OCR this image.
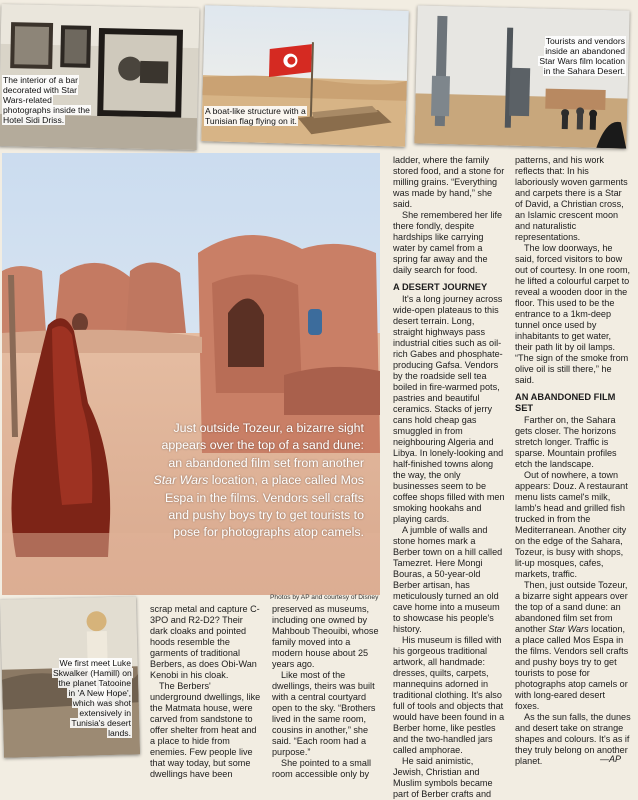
The interior of a bar decorated with Star Wars-related photographs inside the Hotel Sidi Driss.
A boat-like structure with a Tunisian flag flying on it.
Tourists and vendors inside an abandoned Star Wars film location in the Sahara Desert.
Just outside Tozeur, a bizarre sight appears over the top of a sand dune: an abandoned film set from another Star Wars location, a place called Mos Espa in the films. Vendors sell crafts and pushy boys try to get tourists to pose for photographs atop camels.
Photos by AP and courtesy of Disney
We first meet Luke Skwalker (Hamill) on the planet Tatooine in 'A New Hope', which was shot extensively in Tunisia's desert lands.

scrap metal and capture C-3PO and R2-D2? Their dark cloaks and pointed hoods resemble the garments of traditional Berbers, as does Obi-Wan Kenobi in his cloak.

The Berbers' underground dwellings, like the Matmata house, were carved from sandstone to offer shelter from heat and a place to hide from enemies. Few people live that way today, but some dwellings have been

preserved as museums, including one owned by Mahboub Theouibi, whose family moved into a modern house about 25 years ago.

Like most of the dwellings, theirs was built with a central courtyard open to the sky. “Brothers lived in the same room, cousins in another,” she said. “Each room had a purpose.”

She pointed to a small room accessible only by

ladder, where the family stored food, and a stone for milling grains. “Everything was made by hand,” she said.

She remembered her life there fondly, despite hardships like carrying water by camel from a spring far away and the daily search for food.

A DESERT JOURNEY

It's a long journey across wide-open plateaus to this desert terrain. Long, straight highways pass industrial cities such as oil-rich Gabes and phosphate-producing Gafsa. Vendors by the roadside sell tea boiled in fire-warmed pots, pastries and beautiful ceramics. Stacks of jerry cans hold cheap gas smuggled in from neighbouring Algeria and Libya. In lonely-looking and half-finished towns along the way, the only businesses seem to be coffee shops filled with men smoking hookahs and playing cards.

A jumble of walls and stone homes mark a Berber town on a hill called Tamezret. Here Mongi Bouras, a 50-year-old Berber artisan, has meticulously turned an old cave home into a museum to showcase his people's history.

His museum is filled with his gorgeous traditional artwork, all handmade: dresses, quilts, carpets, mannequins adorned in traditional clothing. It's also full of tools and objects that would have been found in a Berber home, like pestles and the two-handled jars called amphorae.

He said animistic, Jewish, Christian and Muslim symbols became part of Berber crafts and

patterns, and his work reflects that: In his laboriously woven garments and carpets there is a Star of David, a Christian cross, an Islamic crescent moon and naturalistic representations.

The low doorways, he said, forced visitors to bow out of courtesy. In one room, he lifted a colourful carpet to reveal a wooden door in the floor. This used to be the entrance to a 1km-deep tunnel once used by inhabitants to get water, their path lit by oil lamps. “The sign of the smoke from olive oil is still there,” he said.

AN ABANDONED FILM SET

Farther on, the Sahara gets closer. The horizons stretch longer. Traffic is sparse. Mountain profiles etch the landscape.

Out of nowhere, a town appears: Douz. A restaurant menu lists camel's milk, lamb's head and grilled fish trucked in from the Mediterranean. Another city on the edge of the Sahara, Tozeur, is busy with shops, lit-up mosques, cafes, markets, traffic.

Then, just outside Tozeur, a bizarre sight appears over the top of a sand dune: an abandoned film set from another Star Wars location, a place called Mos Espa in the films. Vendors sell crafts and pushy boys try to get tourists to pose for photographs atop camels or with long-eared desert foxes.

As the sun falls, the dunes and desert take on strange shapes and colours. It's as if they truly belong on another planet.	—AP
